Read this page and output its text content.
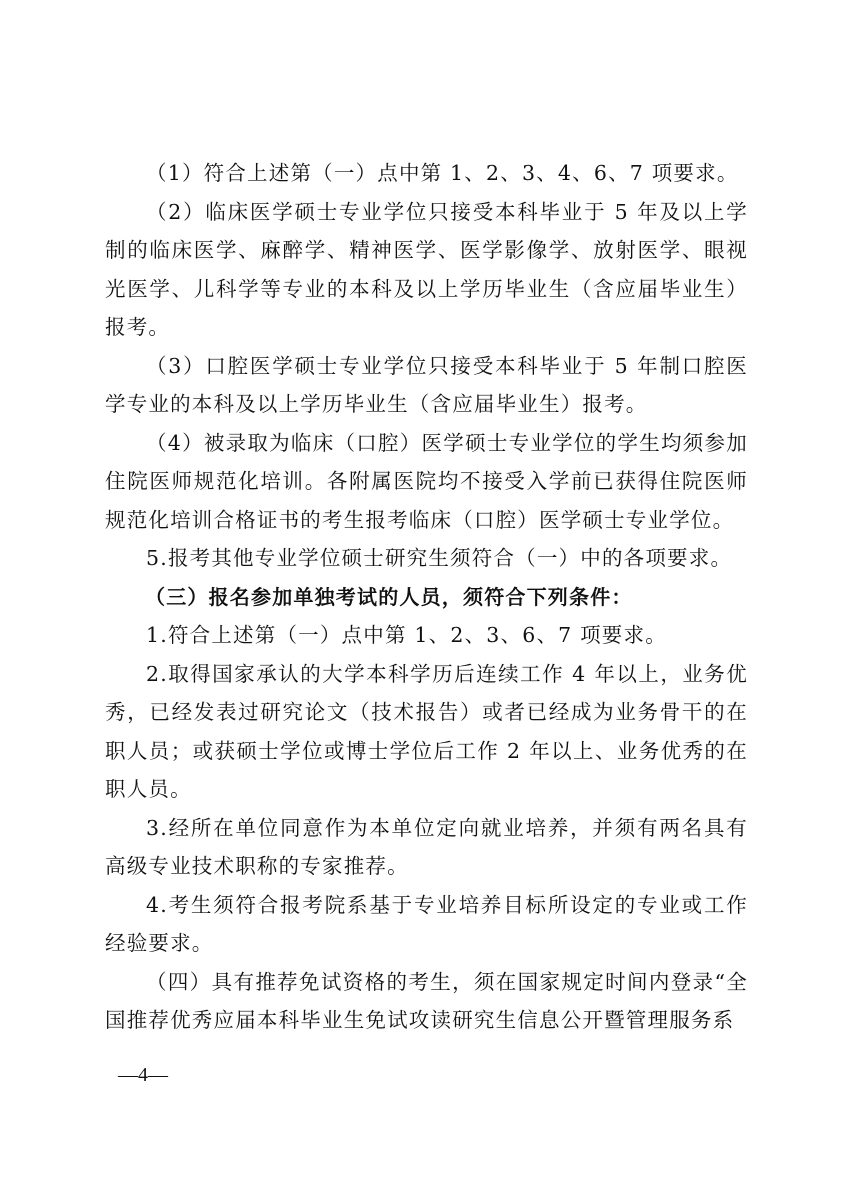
（1）符合上述第（一）点中第 1、2、3、4、6、7 项要求。

（2）临床医学硕士专业学位只接受本科毕业于 5 年及以上学制的临床医学、麻醉学、精神医学、医学影像学、放射医学、眼视光医学、儿科学等专业的本科及以上学历毕业生（含应届毕业生）报考。

（3）口腔医学硕士专业学位只接受本科毕业于 5 年制口腔医学专业的本科及以上学历毕业生（含应届毕业生）报考。

（4）被录取为临床（口腔）医学硕士专业学位的学生均须参加住院医师规范化培训。各附属医院均不接受入学前已获得住院医师规范化培训合格证书的考生报考临床（口腔）医学硕士专业学位。

5.报考其他专业学位硕士研究生须符合（一）中的各项要求。

（三）报名参加单独考试的人员，须符合下列条件：

1.符合上述第（一）点中第 1、2、3、6、7 项要求。

2.取得国家承认的大学本科学历后连续工作 4 年以上，业务优秀，已经发表过研究论文（技术报告）或者已经成为业务骨干的在职人员；或获硕士学位或博士学位后工作 2 年以上、业务优秀的在职人员。

3.经所在单位同意作为本单位定向就业培养，并须有两名具有高级专业技术职称的专家推荐。

4.考生须符合报考院系基于专业培养目标所设定的专业或工作经验要求。

（四）具有推荐免试资格的考生，须在国家规定时间内登录“全国推荐优秀应届本科毕业生免试攻读研究生信息公开暨管理服务系

—4—
